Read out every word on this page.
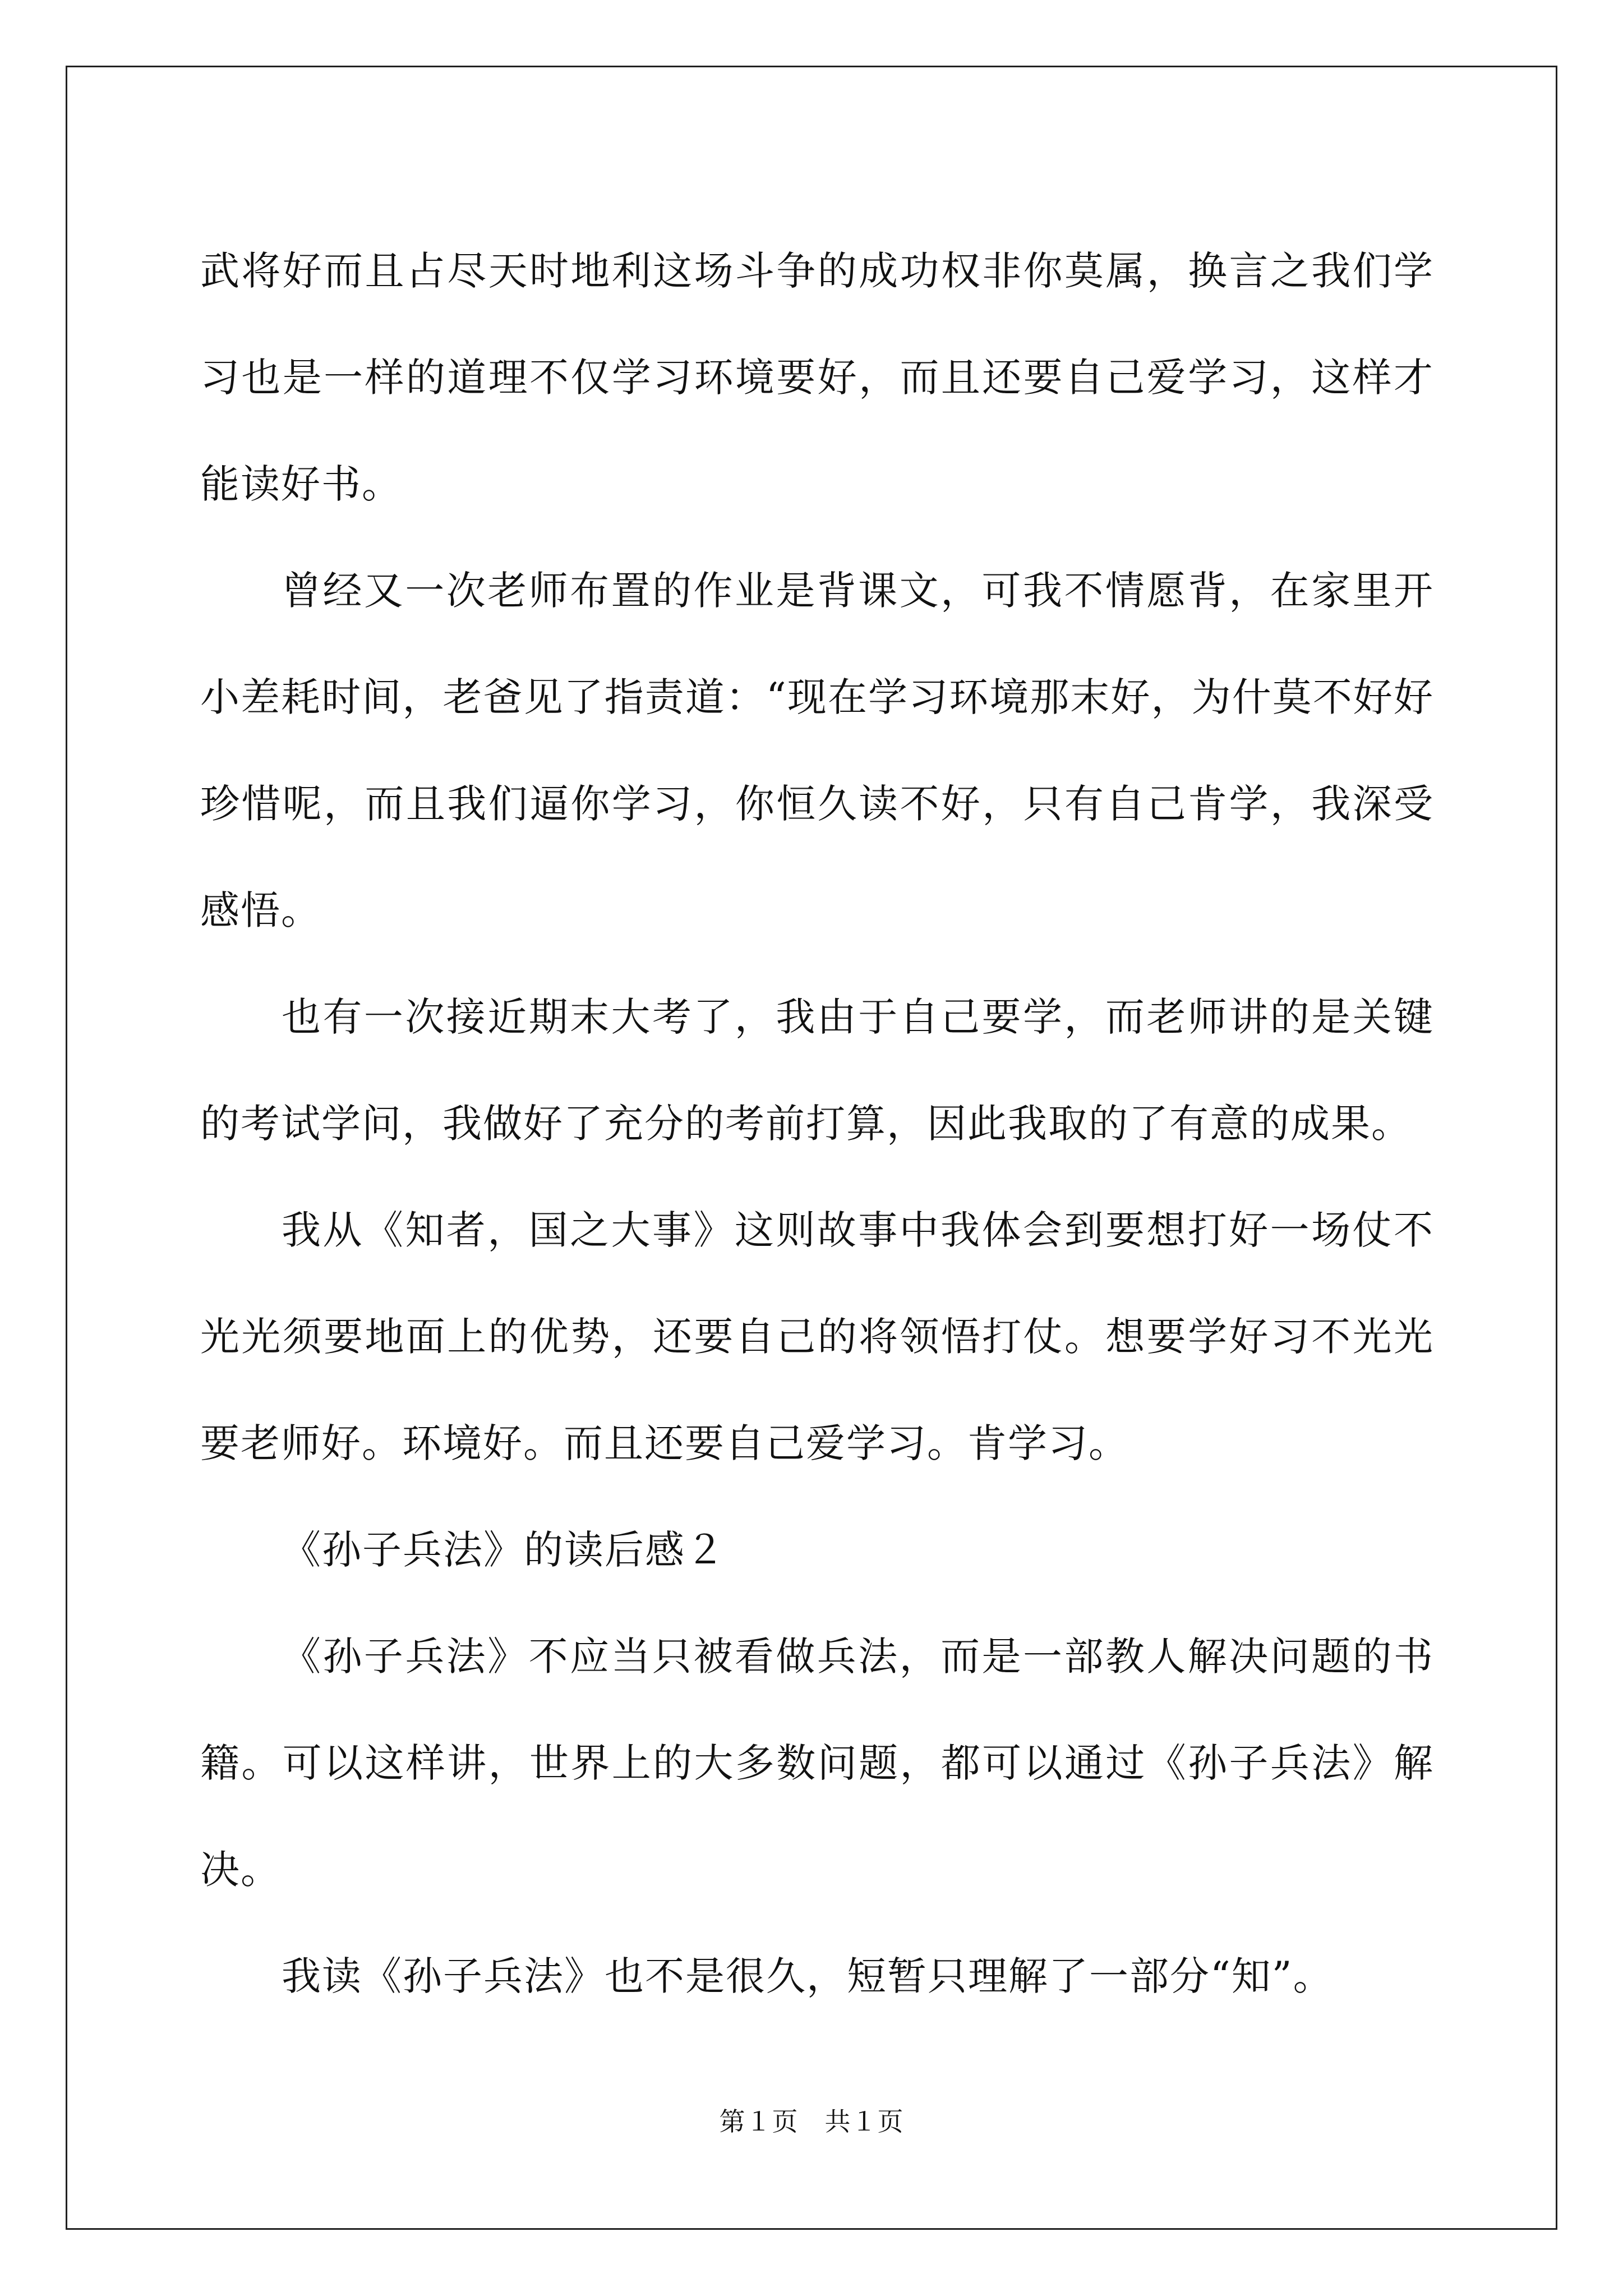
武将好而且占尽天时地利这场斗争的成功权非你莫属，换言之我们学习也是一样的道理不仅学习环境要好，而且还要自己爱学习，这样才能读好书。

曾经又一次老师布置的作业是背课文，可我不情愿背，在家里开小差耗时间，老爸见了指责道：“现在学习环境那末好，为什莫不好好珍惜呢，而且我们逼你学习，你恒久读不好，只有自己肯学，我深受感悟。

也有一次接近期末大考了，我由于自己要学，而老师讲的是关键的考试学问，我做好了充分的考前打算，因此我取的了有意的成果。

我从《知者，国之大事》这则故事中我体会到要想打好一场仗不光光须要地面上的优势，还要自己的将领悟打仗。想要学好习不光光要老师好。环境好。而且还要自己爱学习。肯学习。

《孙子兵法》的读后感２

《孙子兵法》不应当只被看做兵法，而是一部教人解决问题的书籍。可以这样讲，世界上的大多数问题，都可以通过《孙子兵法》解决。

我读《孙子兵法》也不是很久，短暂只理解了一部分“知”。

第１页　共１页
